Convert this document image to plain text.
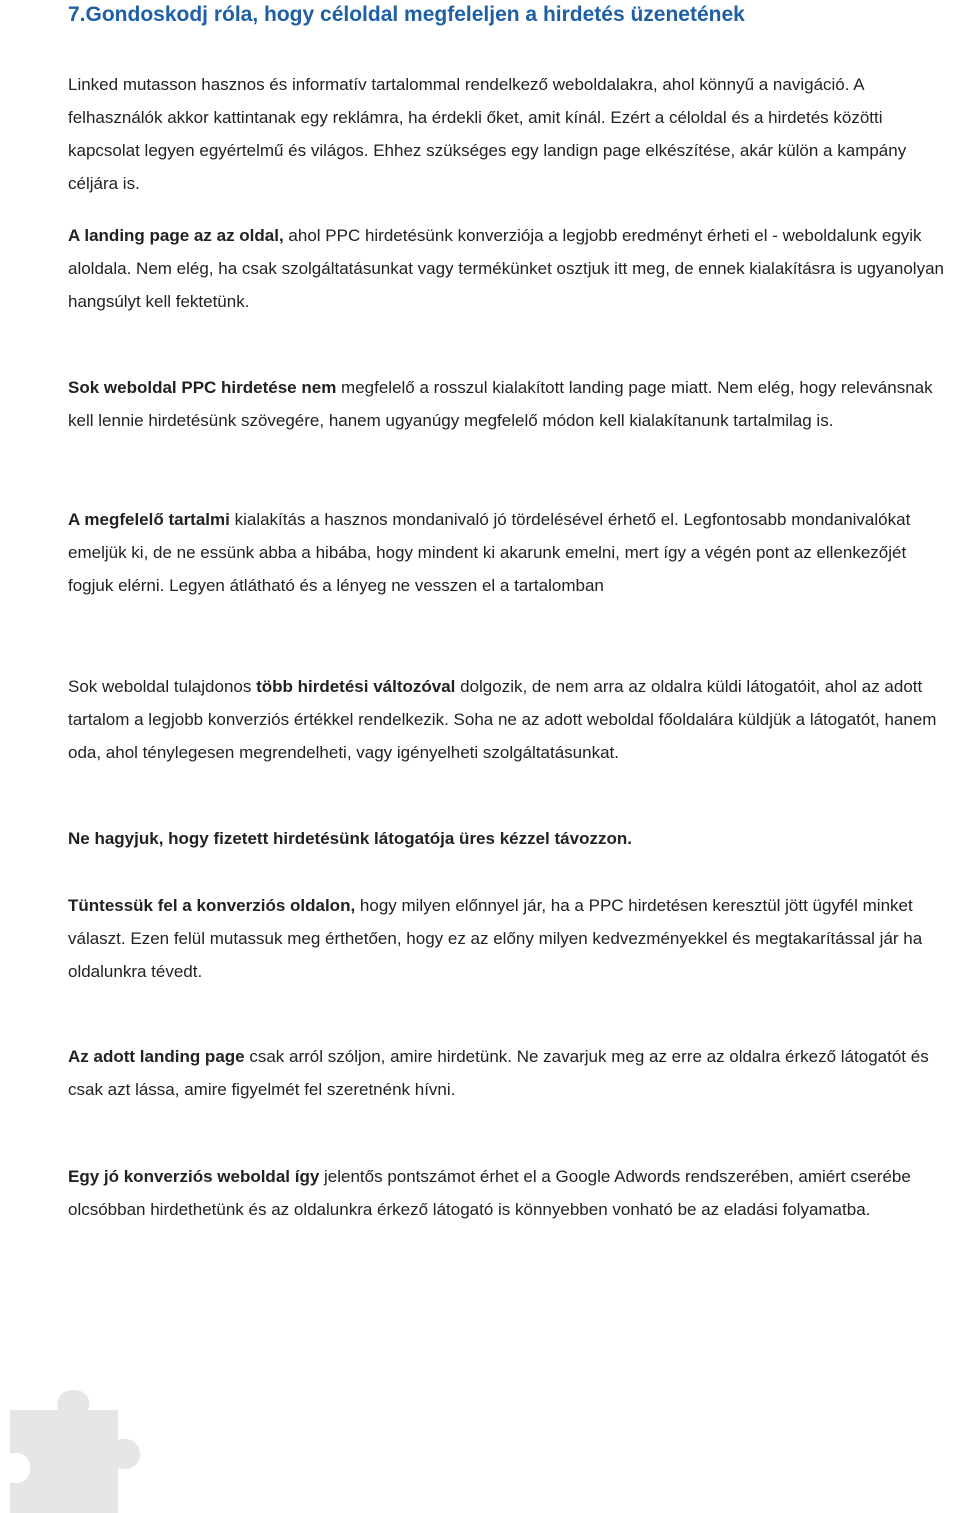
7.Gondoskodj róla, hogy céloldal megfeleljen a hirdetés üzenetének

Linked mutasson hasznos és informatív tartalommal rendelkező weboldalakra, ahol könnyű a navigáció. A felhasználók akkor kattintanak egy reklámra, ha érdekli őket, amit kínál. Ezért a céloldal és a hirdetés közötti kapcsolat legyen egyértelmű és világos. Ehhez szükséges egy landign page elkészítése, akár külön a kampány céljára is.

A landing page az az oldal, ahol PPC hirdetésünk konverziója a legjobb eredményt érheti el - weboldalunk egyik aloldala. Nem elég, ha csak szolgáltatásunkat vagy termékünket osztjuk itt meg, de ennek kialakításra is ugyanolyan hangsúlyt kell fektetünk.

Sok weboldal PPC hirdetése nem megfelelő a rosszul kialakított landing page miatt. Nem elég, hogy relevánsnak kell lennie hirdetésünk szövegére, hanem ugyanúgy megfelelő módon kell kialakítanunk tartalmilag is.

A megfelelő tartalmi kialakítás a hasznos mondanivaló jó tördelésével érhető el. Legfontosabb mondanivalókat emeljük ki, de ne essünk abba a hibába, hogy mindent ki akarunk emelni, mert így a végén pont az ellenkezőjét fogjuk elérni. Legyen átlátható és a lényeg ne vesszen el a tartalomban

Sok weboldal tulajdonos több hirdetési változóval dolgozik, de nem arra az oldalra küldi látogatóit, ahol az adott tartalom a legjobb konverziós értékkel rendelkezik. Soha ne az adott weboldal főoldalára küldjük a látogatót, hanem oda, ahol ténylegesen megrendelheti, vagy igényelheti szolgáltatásunkat.

Ne hagyjuk, hogy fizetett hirdetésünk látogatója üres kézzel távozzon.

Tüntessük fel a konverziós oldalon, hogy milyen előnnyel jár, ha a PPC hirdetésen keresztül jött ügyfél minket választ. Ezen felül mutassuk meg érthetően, hogy ez az előny milyen kedvezményekkel és megtakarítással jár ha oldalunkra tévedt.

Az adott landing page csak arról szóljon, amire hirdetünk. Ne zavarjuk meg az erre az oldalra érkező látogatót és csak azt lássa, amire figyelmét fel szeretnénk hívni.

Egy jó konverziós weboldal így jelentős pontszámot érhet el a Google Adwords rendszerében, amiért cserébe olcsóbban hirdethetünk és az oldalunkra érkező látogató is könnyebben vonható be az eladási folyamatba.
